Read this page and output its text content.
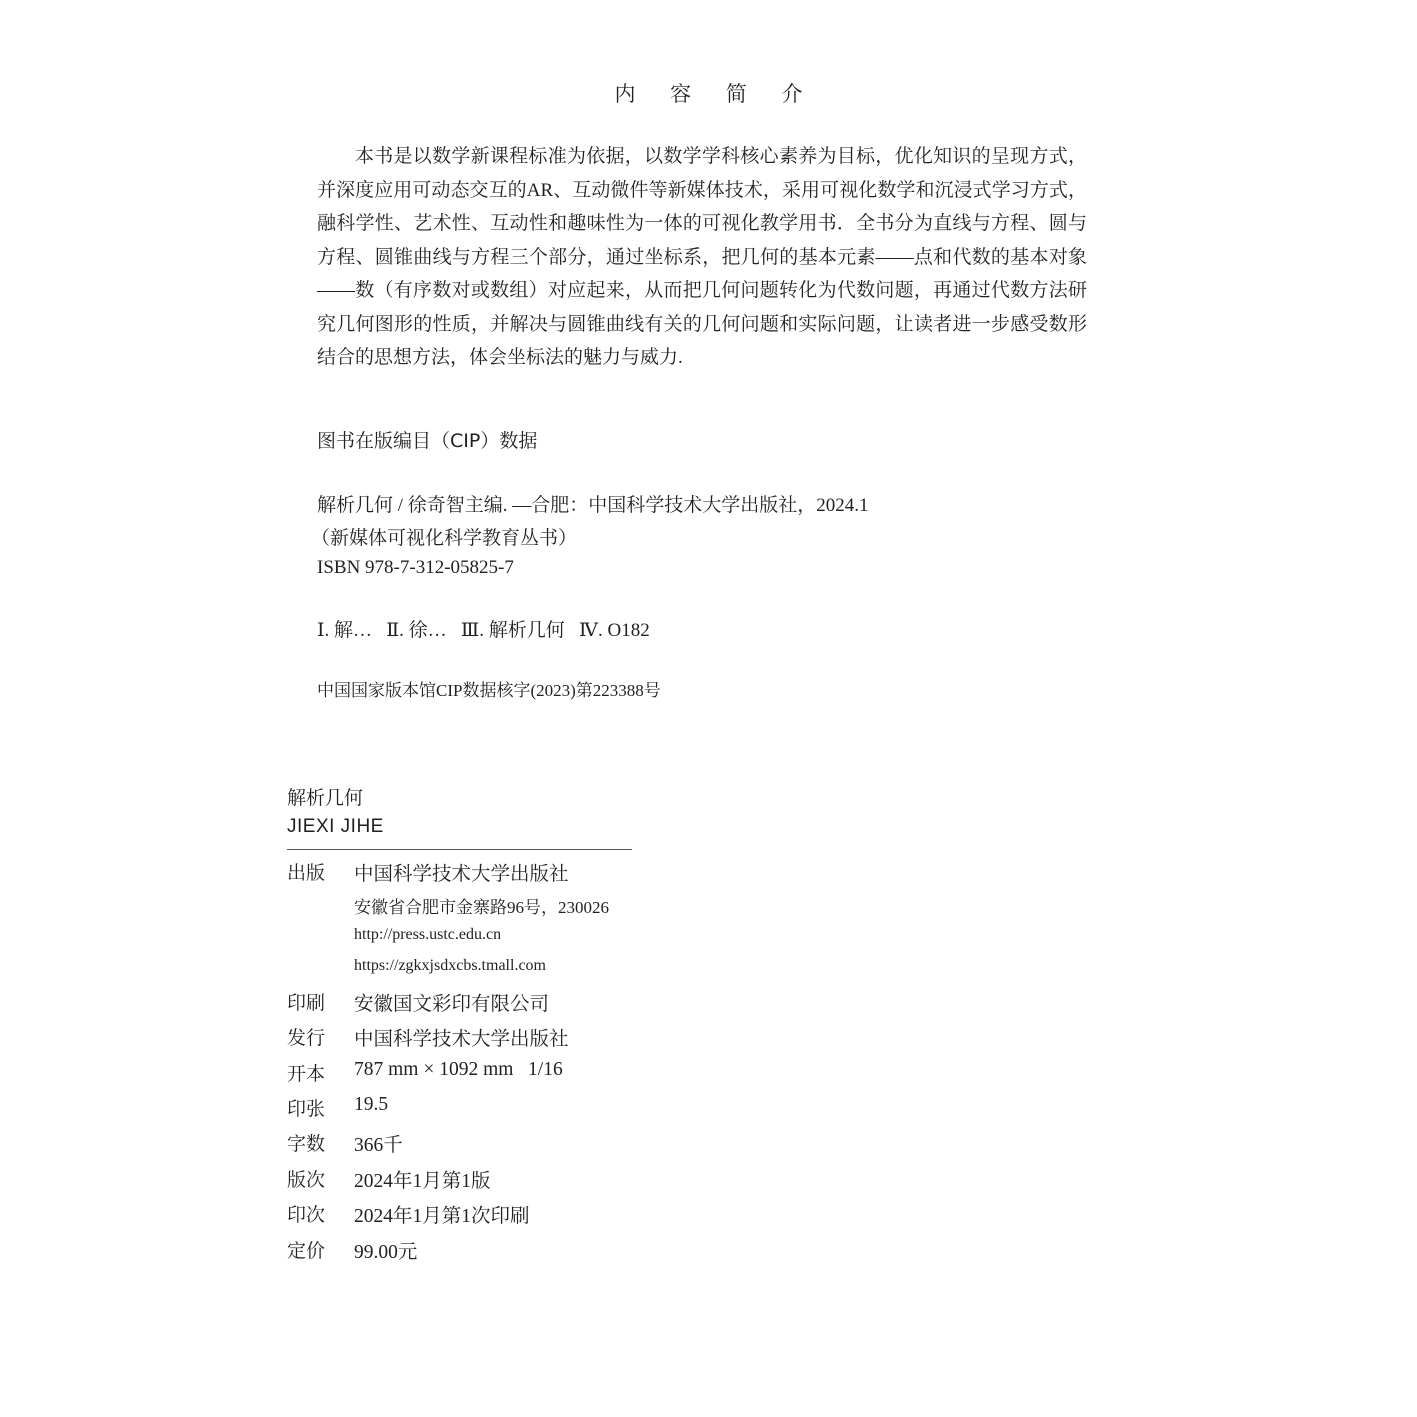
内 容 简 介

本书是以数学新课程标准为依据，以数学学科核心素养为目标，优化知识的呈现方式，并深度应用可动态交互的AR、互动微件等新媒体技术，采用可视化数学和沉浸式学习方式，融科学性、艺术性、互动性和趣味性为一体的可视化教学用书．全书分为直线与方程、圆与方程、圆锥曲线与方程三个部分，通过坐标系，把几何的基本元素——点和代数的基本对象——数（有序数对或数组）对应起来，从而把几何问题转化为代数问题，再通过代数方法研究几何图形的性质，并解决与圆锥曲线有关的几何问题和实际问题，让读者进一步感受数形结合的思想方法，体会坐标法的魅力与威力.

图书在版编目（CIP）数据
解析几何 / 徐奇智主编. —合肥：中国科学技术大学出版社，2024.1
（新媒体可视化科学教育丛书）
ISBN 978-7-312-05825-7
Ⅰ. 解…   Ⅱ. 徐…   Ⅲ. 解析几何   Ⅳ. O182
中国国家版本馆CIP数据核字(2023)第223388号
解析几何
JIEXI JIHE
出版 中国科学技术大学出版社
安徽省合肥市金寨路96号，230026
http://press.ustc.edu.cn
https://zgkxjsdxcbs.tmall.com
印刷 安徽国文彩印有限公司
发行 中国科学技术大学出版社
开本 787 mm × 1092 mm   1/16
印张 19.5
字数 366千
版次 2024年1月第1版
印次 2024年1月第1次印刷
定价 99.00元
